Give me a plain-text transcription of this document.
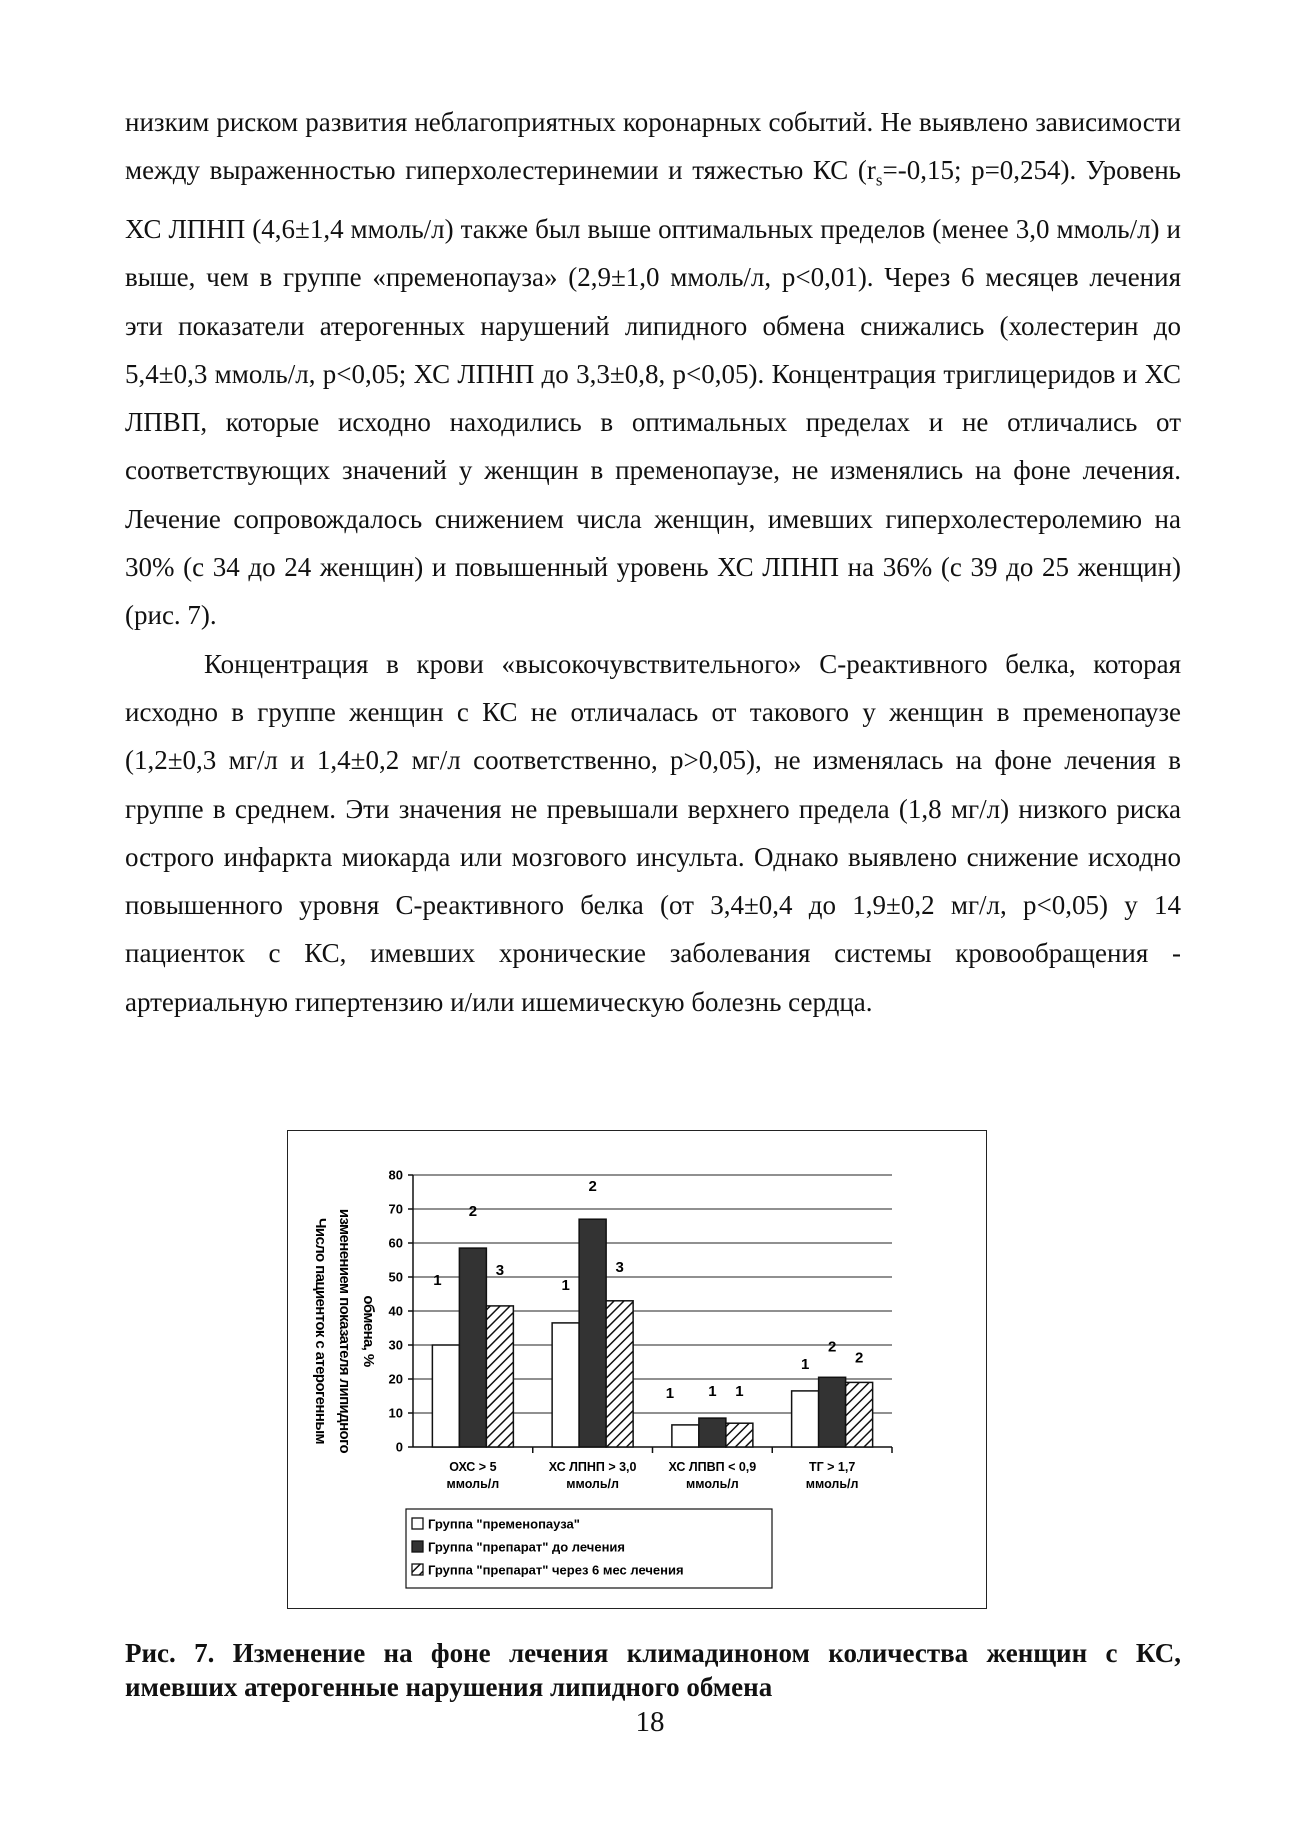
низким риском развития неблагоприятных коронарных событий. Не выявлено зависимости между выраженностью гиперхолестеринемии и тяжестью КС ($r_s=-0,15$; p=0,254). Уровень ХС ЛПНП (4,6±1,4 ммоль/л) также был выше оптимальных пределов (менее 3,0 ммоль/л) и выше, чем в группе «пременопауза» (2,9±1,0 ммоль/л, p<0,01). Через 6 месяцев лечения эти показатели атерогенных нарушений липидного обмена снижались (холестерин до 5,4±0,3 ммоль/л, p<0,05; ХС ЛПНП до 3,3±0,8, p<0,05). Концентрация триглицеридов и ХС ЛПВП, которые исходно находились в оптимальных пределах и не отличались от соответствующих значений у женщин в пременопаузе, не изменялись на фоне лечения. Лечение сопровождалось снижением числа женщин, имевших гиперхолестеролемию на 30% (с 34 до 24 женщин) и повышенный уровень ХС ЛПНП на 36% (с 39 до 25 женщин) (рис. 7).

Концентрация в крови «высокочувствительного» С-реактивного белка, которая исходно в группе женщин с КС не отличалась от такового у женщин в пременопаузе (1,2±0,3 мг/л и 1,4±0,2 мг/л соответственно, p>0,05), не изменялась на фоне лечения в группе в среднем. Эти значения не превышали верхнего предела (1,8 мг/л) низкого риска острого инфаркта миокарда или мозгового инсульта. Однако выявлено снижение исходно повышенного уровня С-реактивного белка (от 3,4±0,4 до 1,9±0,2 мг/л, p<0,05) у 14 пациенток с КС, имевших хронические заболевания системы кровообращения - артериальную гипертензию и/или ишемическую болезнь сердца.

0
10
20
30
40
50
60
70
80
Число пациенток с атерогенным изменением показателя липидного обмена, %
1
2
3
ОХС > 5
ммоль/л
1
2
3
ХС ЛПНП > 3,0
ммоль/л
1 1 1
ХС ЛПВП < 0,9
ммоль/л
1
2
2
ТГ > 1,7
ммоль/л
Группа "пременопауза"
Группа "препарат" до лечения
Группа "препарат" через 6 мес лечения

Рис. 7. Изменение на фоне лечения климадиноном количества женщин с КС, имевших атерогенные нарушения липидного обмена

18
